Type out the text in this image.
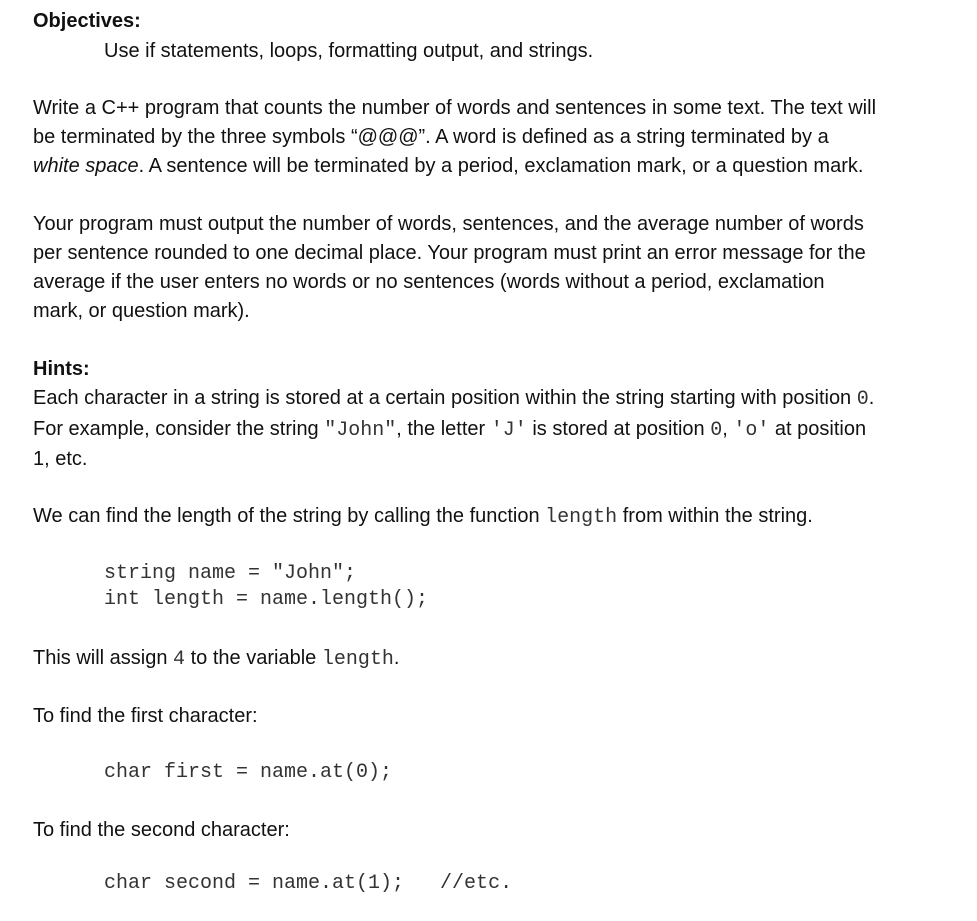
Objectives:
Use if statements, loops, formatting output, and strings.
Write a C++ program that counts the number of words and sentences in some text. The text will
be terminated by the three symbols “@@@”. A word is defined as a string terminated by a
white space. A sentence will be terminated by a period, exclamation mark, or a question mark.
Your program must output the number of words, sentences, and the average number of words
per sentence rounded to one decimal place. Your program must print an error message for the
average if the user enters no words or no sentences (words without a period, exclamation
mark, or question mark).
Hints:
Each character in a string is stored at a certain position within the string starting with position 0.
For example, consider the string "John", the letter 'J' is stored at position 0, 'o' at position
1, etc.
We can find the length of the string by calling the function length from within the string.
string name = "John";
int length = name.length();
This will assign 4 to the variable length.
To find the first character:
char first = name.at(0);
To find the second character:
char second = name.at(1);   //etc.
